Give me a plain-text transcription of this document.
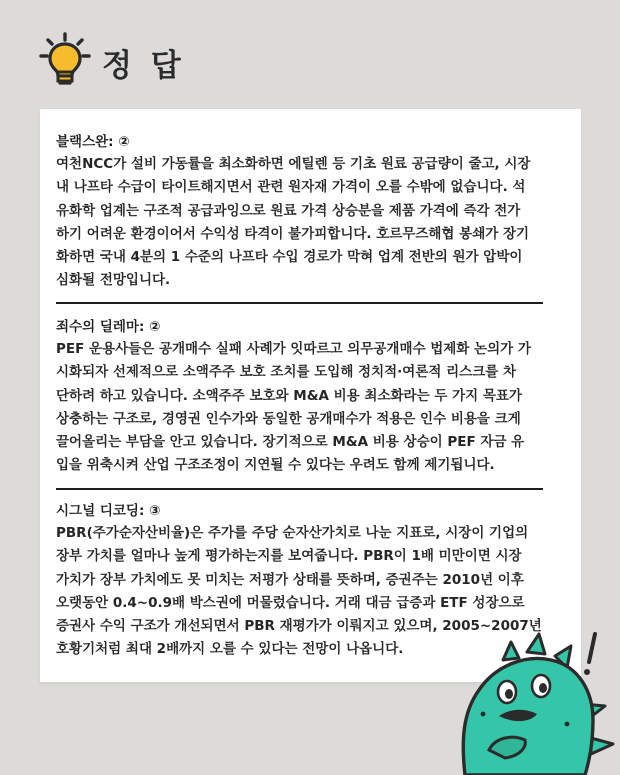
정 답
블랙스완: ②
여천NCC가 설비 가동률을 최소화하면 에틸렌 등 기초 원료 공급량이 줄고, 시장
내 나프타 수급이 타이트해지면서 관련 원자재 가격이 오를 수밖에 없습니다. 석
유화학 업계는 구조적 공급과잉으로 원료 가격 상승분을 제품 가격에 즉각 전가
하기 어려운 환경이어서 수익성 타격이 불가피합니다. 호르무즈해협 봉쇄가 장기
화하면 국내 4분의 1 수준의 나프타 수입 경로가 막혀 업계 전반의 원가 압박이
심화될 전망입니다.
죄수의 딜레마: ②
PEF 운용사들은 공개매수 실패 사례가 잇따르고 의무공개매수 법제화 논의가 가
시화되자 선제적으로 소액주주 보호 조치를 도입해 정치적·여론적 리스크를 차
단하려 하고 있습니다. 소액주주 보호와 M&A 비용 최소화라는 두 가지 목표가
상충하는 구조로, 경영권 인수가와 동일한 공개매수가 적용은 인수 비용을 크게
끌어올리는 부담을 안고 있습니다. 장기적으로 M&A 비용 상승이 PEF 자금 유
입을 위축시켜 산업 구조조정이 지연될 수 있다는 우려도 함께 제기됩니다.
시그널 디코딩: ③
PBR(주가순자산비율)은 주가를 주당 순자산가치로 나눈 지표로, 시장이 기업의
장부 가치를 얼마나 높게 평가하는지를 보여줍니다. PBR이 1배 미만이면 시장
가치가 장부 가치에도 못 미치는 저평가 상태를 뜻하며, 증권주는 2010년 이후
오랫동안 0.4~0.9배 박스권에 머물렀습니다. 거래 대금 급증과 ETF 성장으로
증권사 수익 구조가 개선되면서 PBR 재평가가 이뤄지고 있으며, 2005~2007년
호황기처럼 최대 2배까지 오를 수 있다는 전망이 나옵니다.
